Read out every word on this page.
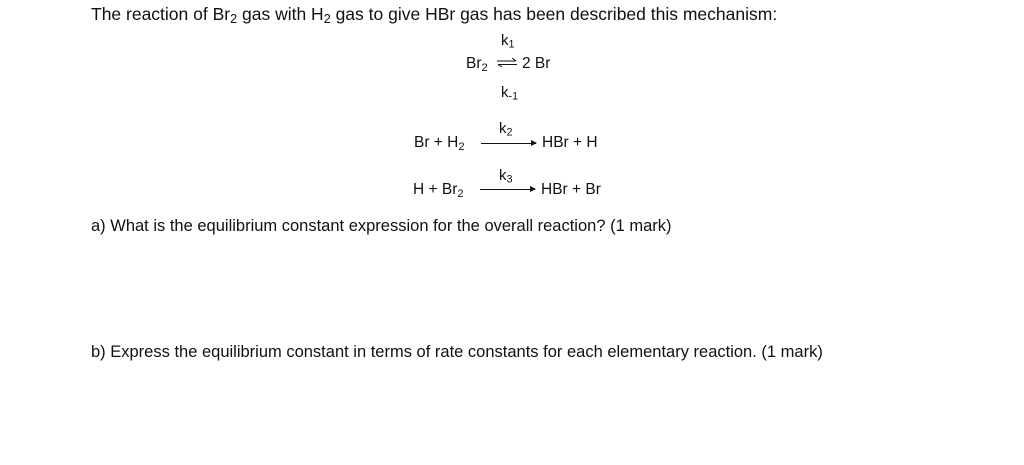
The reaction of $Br_2$ gas with $H_2$ gas to give HBr gas has been described this mechanism:
$k_1$
$Br_2$ ⇌ 2 Br
$k_{-1}$
$Br + H_2$
$k_2$
HBr + H
$H + Br_2$
$k_3$
HBr + Br
a) What is the equilibrium constant expression for the overall reaction? (1 mark)
b) Express the equilibrium constant in terms of rate constants for each elementary reaction. (1 mark)
